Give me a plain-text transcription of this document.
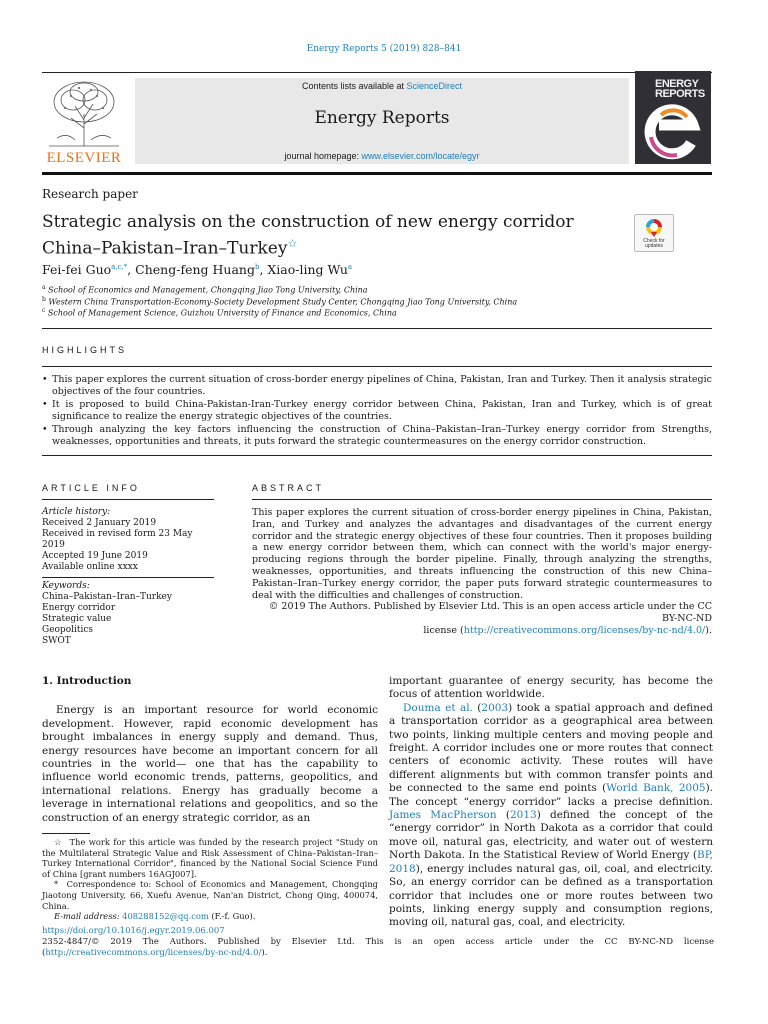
Energy Reports 5 (2019) 828–841
ELSEVIER
Contents lists available at ScienceDirect
Energy Reports
journal homepage: www.elsevier.com/locate/egyr
ENERGY
REPORTS
Research paper
Strategic analysis on the construction of new energy corridor
China–Pakistan–Iran–Turkey☆	Check for updates
Fei-fei Guo$^{a,c,*}$, Cheng-feng Huang$^b$, Xiao-ling Wu$^a$
$^a$ School of Economics and Management, Chongqing Jiao Tong University, China
$^b$ Western China Transportation-Economy-Society Development Study Center, Chongqing Jiao Tong University, China
$^c$ School of Management Science, Guizhou University of Finance and Economics, China
HIGHLIGHTS
• This paper explores the current situation of cross-border energy pipelines of China, Pakistan, Iran and Turkey. Then it analysis strategic objectives of the four countries.
• It is proposed to build China-Pakistan-Iran-Turkey energy corridor between China, Pakistan, Iran and Turkey, which is of great significance to realize the energy strategic objectives of the countries.
• Through analyzing the key factors influencing the construction of China–Pakistan–Iran–Turkey energy corridor from Strengths, weaknesses, opportunities and threats, it puts forward the strategic countermeasures on the energy corridor construction.
ARTICLE INFO
Article history:
Received 2 January 2019
Received in revised form 23 May 2019
Accepted 19 June 2019
Available online xxxx
Keywords:
China–Pakistan–Iran–Turkey
Energy corridor
Strategic value
Geopolitics
SWOT
ABSTRACT
This paper explores the current situation of cross-border energy pipelines in China, Pakistan, Iran, and Turkey and analyzes the advantages and disadvantages of the current energy corridor and the strategic energy objectives of these four countries. Then it proposes building a new energy corridor between them, which can connect with the world's major energy-producing regions through the border pipeline. Finally, through analyzing the strengths, weaknesses, opportunities, and threats influencing the construction of this new China–Pakistan–Iran–Turkey energy corridor, the paper puts forward strategic countermeasures to deal with the difficulties and challenges of construction.
© 2019 The Authors. Published by Elsevier Ltd. This is an open access article under the CC BY-NC-ND
license (http://creativecommons.org/licenses/by-nc-nd/4.0/).

1. Introduction

Energy is an important resource for world economic development. However, rapid economic development has brought imbalances in energy supply and demand. Thus, energy resources have become an important concern for all countries in the world— one that has the capability to influence world economic trends, patterns, geopolitics, and international relations. Energy has gradually become a leverage in international relations and geopolitics, and so the construction of an energy strategic corridor, as an

☆ The work for this article was funded by the research project "Study on the Multilateral Strategic Value and Risk Assessment of China–Pakistan–Iran–Turkey International Corridor", financed by the National Social Science Fund of China [grant numbers 16AGJ007].

* Correspondence to: School of Economics and Management, Chongqing Jiaotong University, 66, Xuefu Avenue, Nan'an District, Chong Qing, 400074, China.

E-mail address: 408288152@qq.com (F.-f. Guo).

important guarantee of energy security, has become the focus of attention worldwide.

Douma et al. (2003) took a spatial approach and defined a transportation corridor as a geographical area between two points, linking multiple centers and moving people and freight. A corridor includes one or more routes that connect centers of economic activity. These routes will have different alignments but with common transfer points and be connected to the same end points (World Bank, 2005). The concept “energy corridor” lacks a precise definition. James MacPherson (2013) defined the concept of the “energy corridor” in North Dakota as a corridor that could move oil, natural gas, electricity, and water out of western North Dakota. In the Statistical Review of World Energy (BP, 2018), energy includes natural gas, oil, coal, and electricity. So, an energy corridor can be defined as a transportation corridor that includes one or more routes between two points, linking energy supply and consumption regions, moving oil, natural gas, coal, and electricity.

https://doi.org/10.1016/j.egyr.2019.06.007

2352-4847/© 2019 The Authors. Published by Elsevier Ltd. This is an open access article under the CC BY-NC-ND license (http://creativecommons.org/licenses/by-nc-nd/4.0/).
